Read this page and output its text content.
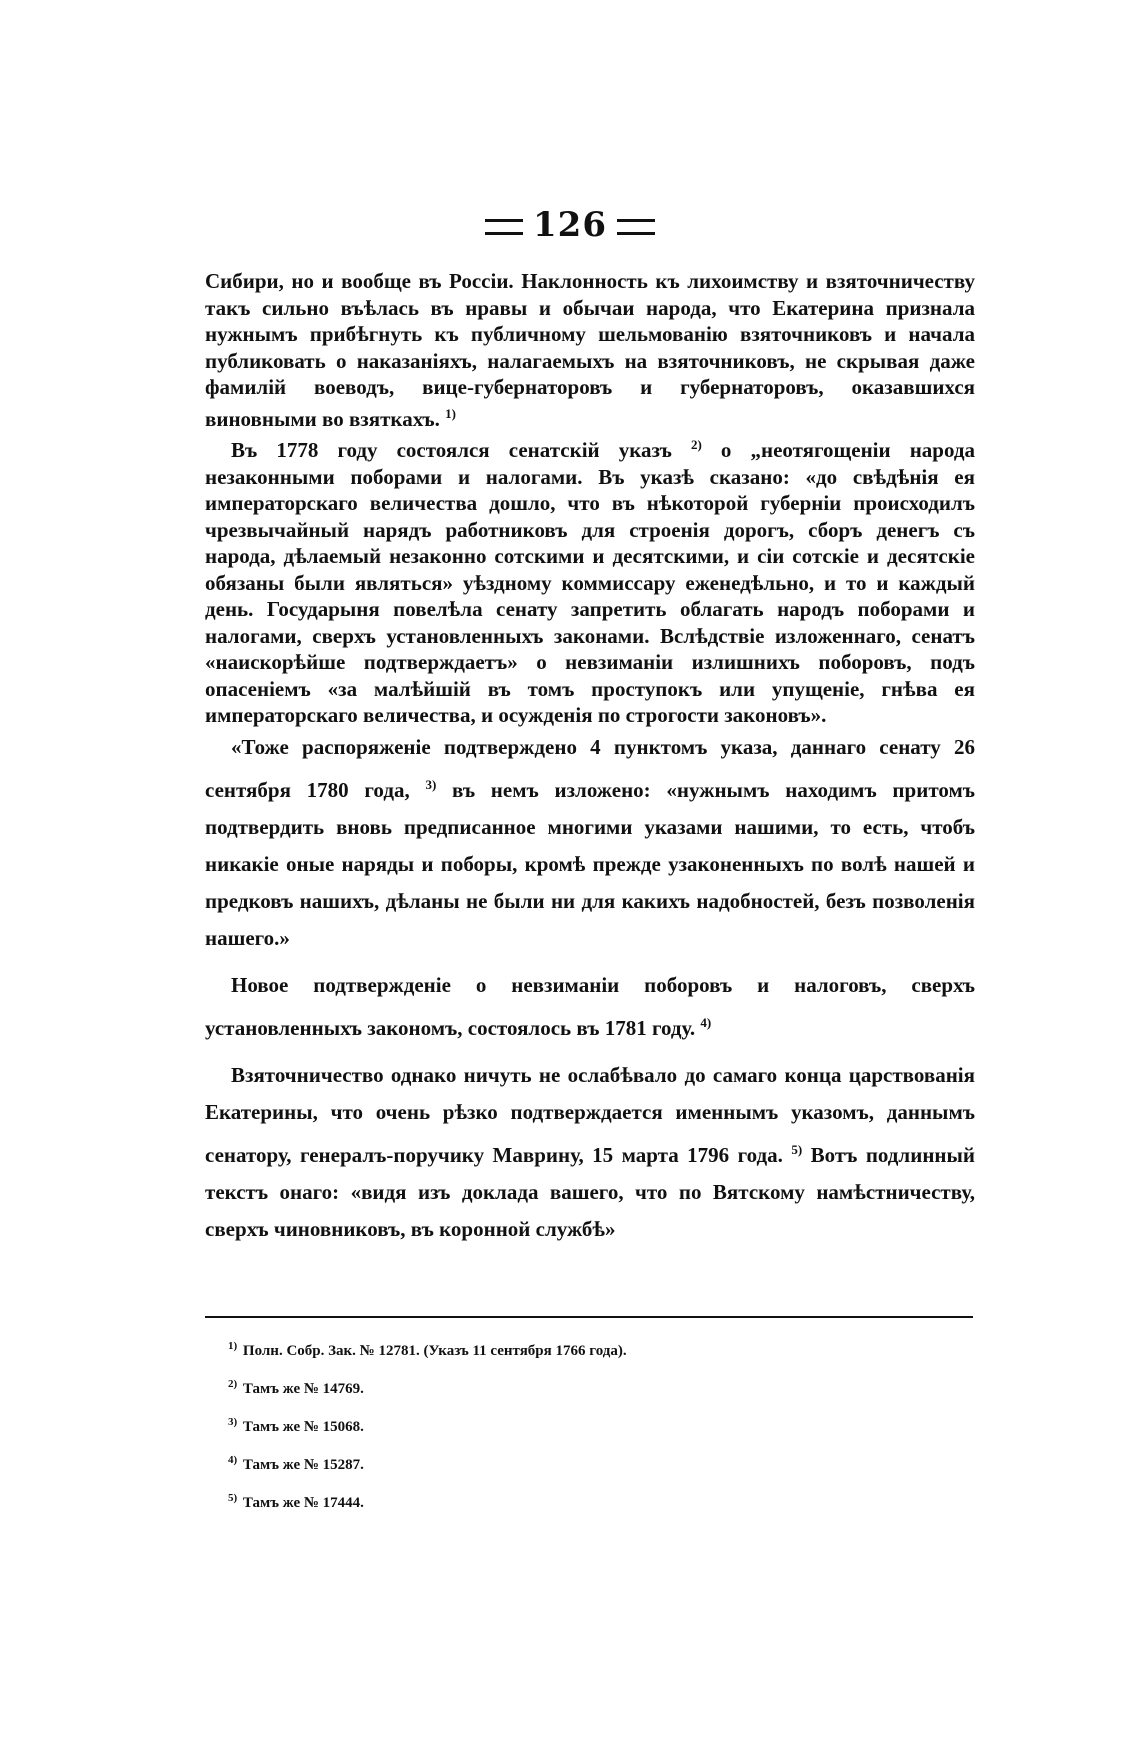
126

Сибири, но и вообще въ Россіи. Наклонность къ лихоимству и взяточничеству такъ сильно въѣлась въ нравы и обычаи народа, что Екатерина признала нужнымъ прибѣгнуть къ публичному шельмованію взяточниковъ и начала публиковать о наказаніяхъ, налагаемыхъ на взяточниковъ, не скрывая даже фамилій воеводъ, вице-губернаторовъ и губернаторовъ, оказавшихся виновными во взяткахъ. $^{1)}$

Въ 1778 году состоялся сенатскій указъ $^{2)}$ о „неотягощеніи народа незаконными поборами и налогами. Въ указѣ сказано: «до свѣдѣнія ея императорскаго величества дошло, что въ нѣкоторой губерніи происходилъ чрезвычайный нарядъ работниковъ для строенія дорогъ, сборъ денегъ съ народа, дѣлаемый незаконно сотскими и десятскими, и сіи сотскіе и десятскіе обязаны были являться» уѣздному коммиссару еженедѣльно, и то и каждый день. Государыня повелѣла сенату запретить облагать народъ поборами и налогами, сверхъ установленныхъ законами. Вслѣдствіе изложеннаго, сенатъ «наискорѣйше подтверждаетъ» о невзиманіи излишнихъ поборовъ, подъ опасеніемъ «за малѣйшій въ томъ проступокъ или упущеніе, гнѣва ея императорскаго величества, и осужденія по строгости законовъ».

«Тоже распоряженіе подтверждено 4 пунктомъ указа, даннаго сенату 26 сентября 1780 года, $^{3)}$ въ немъ изложено: «нужнымъ находимъ притомъ подтвердить вновь предписанное многими указами нашими, то есть, чтобъ никакіе оные наряды и поборы, кромѣ прежде узаконенныхъ по волѣ нашей и предковъ нашихъ, дѣланы не были ни для какихъ надобностей, безъ позволенія нашего.»

Новое подтвержденіе о невзиманіи поборовъ и налоговъ, сверхъ установленныхъ закономъ, состоялось въ 1781 году. $^{4)}$

Взяточничество однако ничуть не ослабѣвало до самаго конца царствованія Екатерины, что очень рѣзко подтверждается именнымъ указомъ, даннымъ сенатору, генералъ-поручику Маврину, 15 марта 1796 года. $^{5)}$ Вотъ подлинный текстъ онаго: «видя изъ доклада вашего, что по Вятскому намѣстничеству, сверхъ чиновниковъ, въ коронной службѣ»

$^{1)}$ Полн. Собр. Зак. № 12781. (Указъ 11 сентября 1766 года).
$^{2)}$ Тамъ же № 14769.
$^{3)}$ Тамъ же № 15068.
$^{4)}$ Тамъ же № 15287.
$^{5)}$ Тамъ же № 17444.
